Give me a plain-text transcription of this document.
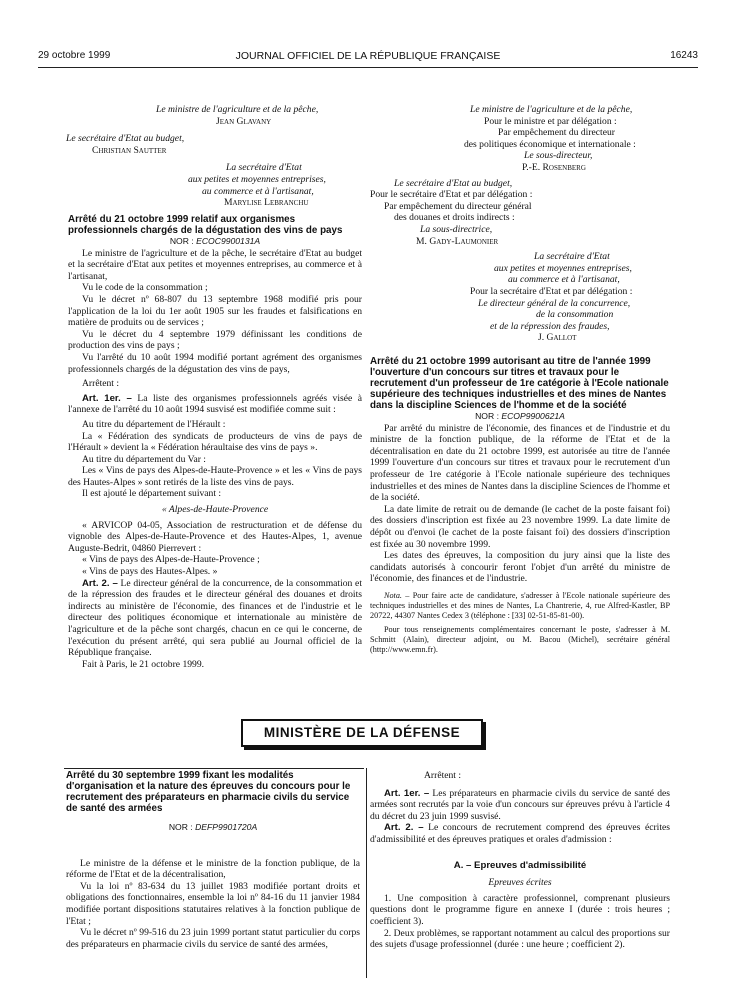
29 octobre 1999	JOURNAL OFFICIEL DE LA RÉPUBLIQUE FRANÇAISE	16243

Le ministre de l'agriculture et de la pêche,

Jean Glavany

Le secrétaire d'Etat au budget,

Christian Sautter

La secrétaire d'Etat

aux petites et moyennes entreprises,

au commerce et à l'artisanat,

Marylise Lebranchu

Arrêté du 21 octobre 1999 relatif aux organismes professionnels chargés de la dégustation des vins de pays

NOR : ECOC9900131A

Le ministre de l'agriculture et de la pêche, le secrétaire d'Etat au budget et la secrétaire d'Etat aux petites et moyennes entreprises, au commerce et à l'artisanat,

Vu le code de la consommation ;

Vu le décret nº 68-807 du 13 septembre 1968 modifié pris pour l'application de la loi du 1er août 1905 sur les fraudes et falsifications en matière de produits ou de services ;

Vu le décret du 4 septembre 1979 définissant les conditions de production des vins de pays ;

Vu l'arrêté du 10 août 1994 modifié portant agrément des organismes professionnels chargés de la dégustation des vins de pays,

Arrêtent :

Art. 1er. – La liste des organismes professionnels agréés visée à l'annexe de l'arrêté du 10 août 1994 susvisé est modifiée comme suit :

Au titre du département de l'Hérault :

La « Fédération des syndicats de producteurs de vins de pays de l'Hérault » devient la « Fédération héraultaise des vins de pays ».

Au titre du département du Var :

Les « Vins de pays des Alpes-de-Haute-Provence » et les « Vins de pays des Hautes-Alpes » sont retirés de la liste des vins de pays.

Il est ajouté le département suivant :

« Alpes-de-Haute-Provence

« ARVICOP 04-05, Association de restructuration et de défense du vignoble des Alpes-de-Haute-Provence et des Hautes-Alpes, 1, avenue Auguste-Bedrit, 04860 Pierrevert :

« Vins de pays des Alpes-de-Haute-Provence ;

« Vins de pays des Hautes-Alpes. »

Art. 2. – Le directeur général de la concurrence, de la consommation et de la répression des fraudes et le directeur général des douanes et droits indirects au ministère de l'économie, des finances et de l'industrie et le directeur des politiques économique et internationale au ministère de l'agriculture et de la pêche sont chargés, chacun en ce qui le concerne, de l'exécution du présent arrêté, qui sera publié au Journal officiel de la République française.

Fait à Paris, le 21 octobre 1999.

Le ministre de l'agriculture et de la pêche,

Pour le ministre et par délégation :

Par empêchement du directeur

des politiques économique et internationale :

Le sous-directeur,

P.-E. Rosenberg

Le secrétaire d'Etat au budget,

Pour le secrétaire d'Etat et par délégation :

Par empêchement du directeur général

des douanes et droits indirects :

La sous-directrice,

M. Gady-Laumonier

La secrétaire d'Etat

aux petites et moyennes entreprises,

au commerce et à l'artisanat,

Pour la secrétaire d'Etat et par délégation :

Le directeur général de la concurrence,

de la consommation

et de la répression des fraudes,

J. Gallot

Arrêté du 21 octobre 1999 autorisant au titre de l'année 1999 l'ouverture d'un concours sur titres et travaux pour le recrutement d'un professeur de 1re catégorie à l'Ecole nationale supérieure des techniques industrielles et des mines de Nantes dans la discipline Sciences de l'homme et de la société

NOR : ECOP9900621A

Par arrêté du ministre de l'économie, des finances et de l'industrie et du ministre de la fonction publique, de la réforme de l'Etat et de la décentralisation en date du 21 octobre 1999, est autorisée au titre de l'année 1999 l'ouverture d'un concours sur titres et travaux pour le recrutement d'un professeur de 1re catégorie à l'Ecole nationale supérieure des techniques industrielles et des mines de Nantes dans la discipline Sciences de l'homme et de la société.

La date limite de retrait ou de demande (le cachet de la poste faisant foi) des dossiers d'inscription est fixée au 23 novembre 1999. La date limite de dépôt ou d'envoi (le cachet de la poste faisant foi) des dossiers d'inscription est fixée au 30 novembre 1999.

Les dates des épreuves, la composition du jury ainsi que la liste des candidats autorisés à concourir feront l'objet d'un arrêté du ministre de l'économie, des finances et de l'industrie.

Nota. – Pour faire acte de candidature, s'adresser à l'Ecole nationale supérieure des techniques industrielles et des mines de Nantes, La Chantrerie, 4, rue Alfred-Kastler, BP 20722, 44307 Nantes Cedex 3 (téléphone : [33] 02-51-85-81-00).

Pour tous renseignements complémentaires concernant le poste, s'adresser à M. Schmitt (Alain), directeur adjoint, ou M. Bacou (Michel), secrétaire général (http://www.emn.fr).

MINISTÈRE DE LA DÉFENSE

Arrêté du 30 septembre 1999 fixant les modalités d'organisation et la nature des épreuves du concours pour le recrutement des préparateurs en pharmacie civils du service de santé des armées

NOR : DEFP9901720A

Le ministre de la défense et le ministre de la fonction publique, de la réforme de l'Etat et de la décentralisation,

Vu la loi nº 83-634 du 13 juillet 1983 modifiée portant droits et obligations des fonctionnaires, ensemble la loi nº 84-16 du 11 janvier 1984 modifiée portant dispositions statutaires relatives à la fonction publique de l'Etat ;

Vu le décret nº 99-516 du 23 juin 1999 portant statut particulier du corps des préparateurs en pharmacie civils du service de santé des armées,

Arrêtent :

Art. 1er. – Les préparateurs en pharmacie civils du service de santé des armées sont recrutés par la voie d'un concours sur épreuves prévu à l'article 4 du décret du 23 juin 1999 susvisé.

Art. 2. – Le concours de recrutement comprend des épreuves écrites d'admissibilité et des épreuves pratiques et orales d'admission :

A. – Epreuves d'admissibilité

Epreuves écrites

1. Une composition à caractère professionnel, comprenant plusieurs questions dont le programme figure en annexe I (durée : trois heures ; coefficient 3).

2. Deux problèmes, se rapportant notamment au calcul des proportions sur des sujets d'usage professionnel (durée : une heure ; coefficient 2).
